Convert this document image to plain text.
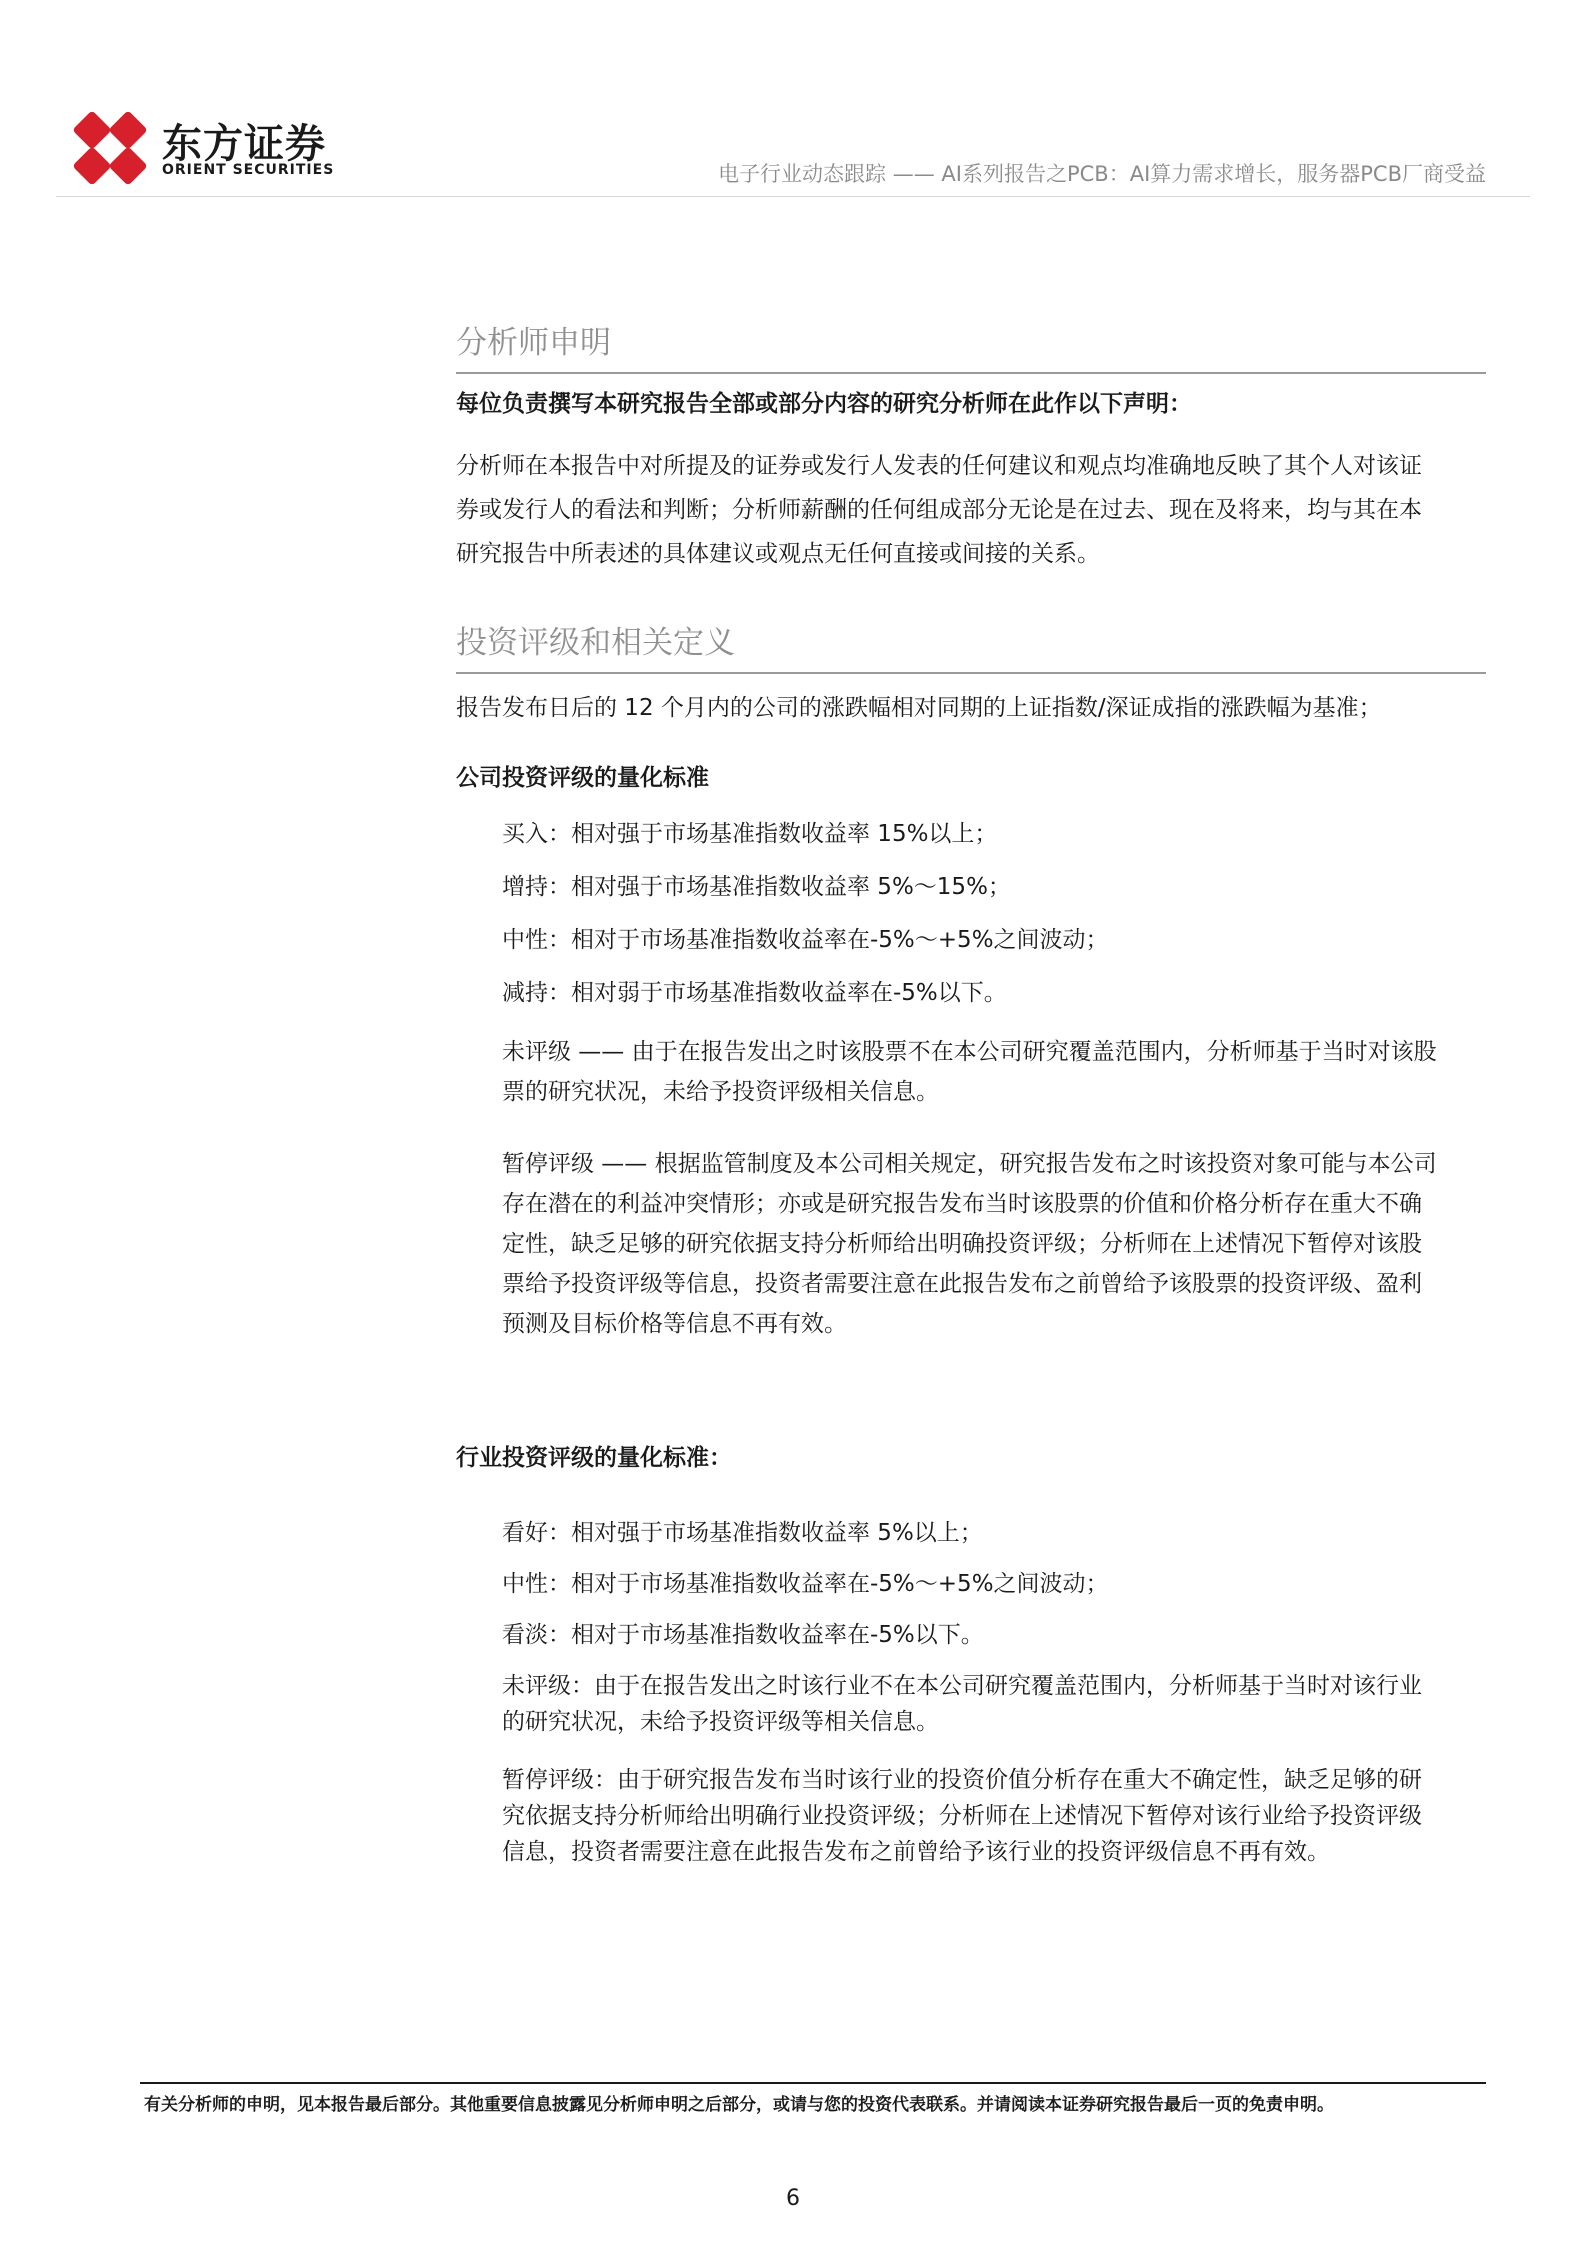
东方证券
ORIENT SECURITIES	电子行业动态跟踪 —— AI系列报告之PCB：AI算力需求增长，服务器PCB厂商受益
分析师申明
每位负责撰写本研究报告全部或部分内容的研究分析师在此作以下声明：
分析师在本报告中对所提及的证券或发行人发表的任何建议和观点均准确地反映了其个人对该证
券或发行人的看法和判断；分析师薪酬的任何组成部分无论是在过去、现在及将来，均与其在本
研究报告中所表述的具体建议或观点无任何直接或间接的关系。
投资评级和相关定义
报告发布日后的 12 个月内的公司的涨跌幅相对同期的上证指数/深证成指的涨跌幅为基准；
公司投资评级的量化标准
买入：相对强于市场基准指数收益率 15%以上；
增持：相对强于市场基准指数收益率 5%～15%；
中性：相对于市场基准指数收益率在-5%～+5%之间波动；
减持：相对弱于市场基准指数收益率在-5%以下。
未评级 —— 由于在报告发出之时该股票不在本公司研究覆盖范围内，分析师基于当时对该股
票的研究状况，未给予投资评级相关信息。
暂停评级 —— 根据监管制度及本公司相关规定，研究报告发布之时该投资对象可能与本公司
存在潜在的利益冲突情形；亦或是研究报告发布当时该股票的价值和价格分析存在重大不确
定性，缺乏足够的研究依据支持分析师给出明确投资评级；分析师在上述情况下暂停对该股
票给予投资评级等信息，投资者需要注意在此报告发布之前曾给予该股票的投资评级、盈利
预测及目标价格等信息不再有效。
行业投资评级的量化标准：
看好：相对强于市场基准指数收益率 5%以上；
中性：相对于市场基准指数收益率在-5%～+5%之间波动；
看淡：相对于市场基准指数收益率在-5%以下。
未评级：由于在报告发出之时该行业不在本公司研究覆盖范围内，分析师基于当时对该行业
的研究状况，未给予投资评级等相关信息。
暂停评级：由于研究报告发布当时该行业的投资价值分析存在重大不确定性，缺乏足够的研
究依据支持分析师给出明确行业投资评级；分析师在上述情况下暂停对该行业给予投资评级
信息，投资者需要注意在此报告发布之前曾给予该行业的投资评级信息不再有效。
有关分析师的申明，见本报告最后部分。其他重要信息披露见分析师申明之后部分，或请与您的投资代表联系。并请阅读本证券研究报告最后一页的免责申明。
6
